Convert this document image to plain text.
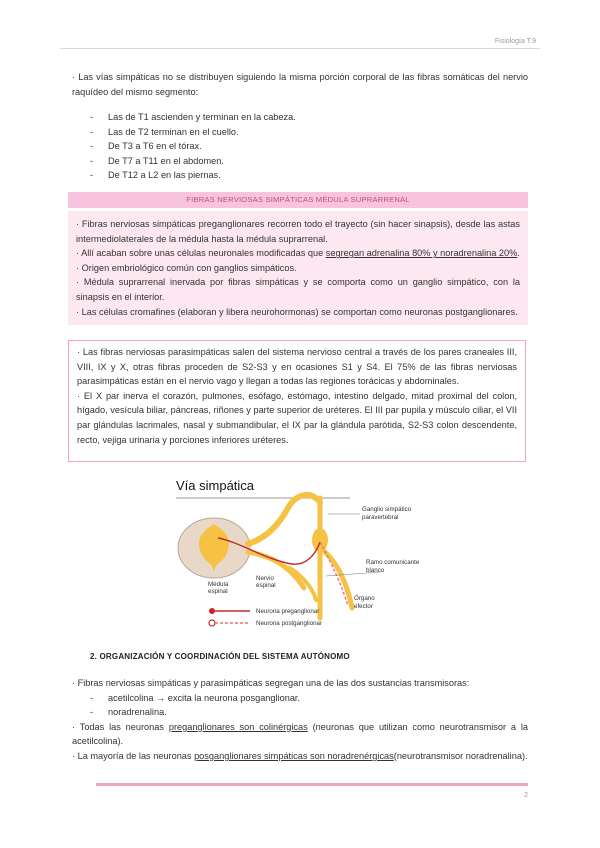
Fisiología T.9
· Las vías simpáticas no se distribuyen siguiendo la misma porción corporal de las fibras somáticas del nervio raquídeo del mismo segmento:
- Las de T1 ascienden y terminan en la cabeza.
- Las de T2 terminan en el cuello.
- De T3 a T6 en el tórax.
- De T7 a T11 en el abdomen.
- De T12 a L2 en las piernas.
FIBRAS NERVIOSAS SIMPÁTICAS MÉDULA SUPRARRENAL
· Fibras nerviosas simpáticas preganglionares recorren todo el trayecto (sin hacer sinapsis), desde las astas intermediolaterales de la médula hasta la médula suprarrenal.
· Allí acaban sobre unas células neuronales modificadas que segregan adrenalina 80% y noradrenalina 20%.
· Origen embriológico común con ganglios simpáticos.
· Médula suprarrenal inervada por fibras simpáticas y se comporta como un ganglio simpático, con la sinapsis en el interior.
· Las células cromafines (elaboran y libera neurohormonas) se comportan como neuronas postganglionares.
· Las fibras nerviosas parasimpáticas salen del sistema nervioso central a través de los pares craneales III, VIII, IX y X, otras fibras proceden de S2-S3 y en ocasiones S1 y S4. El 75% de las fibras nerviosas parasimpáticas están en el nervio vago y llegan a todas las regiones torácicas y abdominales.
· El X par inerva el corazón, pulmones, esófago, estómago, intestino delgado, mitad proximal del colon, hígado, vesícula biliar, páncreas, riñones y parte superior de uréteres. El III par pupila y músculo ciliar, el VII par glándulas lacrimales, nasal y submandibular, el IX par la glándula parótida, S2-S3 colon descendente, recto, vejiga urinaria y porciones inferiores uréteres.
Vía simpática
Ganglio simpático
paravertebral
Ramo comunicante
blanco
Médula
espinal
Nervio
espinal
Órgano
efector
Neurona preganglionar
Neurona postganglionar
2. ORGANIZACIÓN Y COORDINACIÓN DEL SISTEMA AUTÓNOMO
· Fibras nerviosas simpáticas y parasimpáticas segregan una de las dos sustancias transmisoras:
- acetilcolina → excita la neurona posganglionar.
- noradrenalina.
· Todas las neuronas preganglionares son colinérgicas (neuronas que utilizan como neurotransmisor a la acetilcolina).
· La mayoría de las neuronas posganglionares simpáticas son noradrenérgicas(neurotransmisor noradrenalina).
2
